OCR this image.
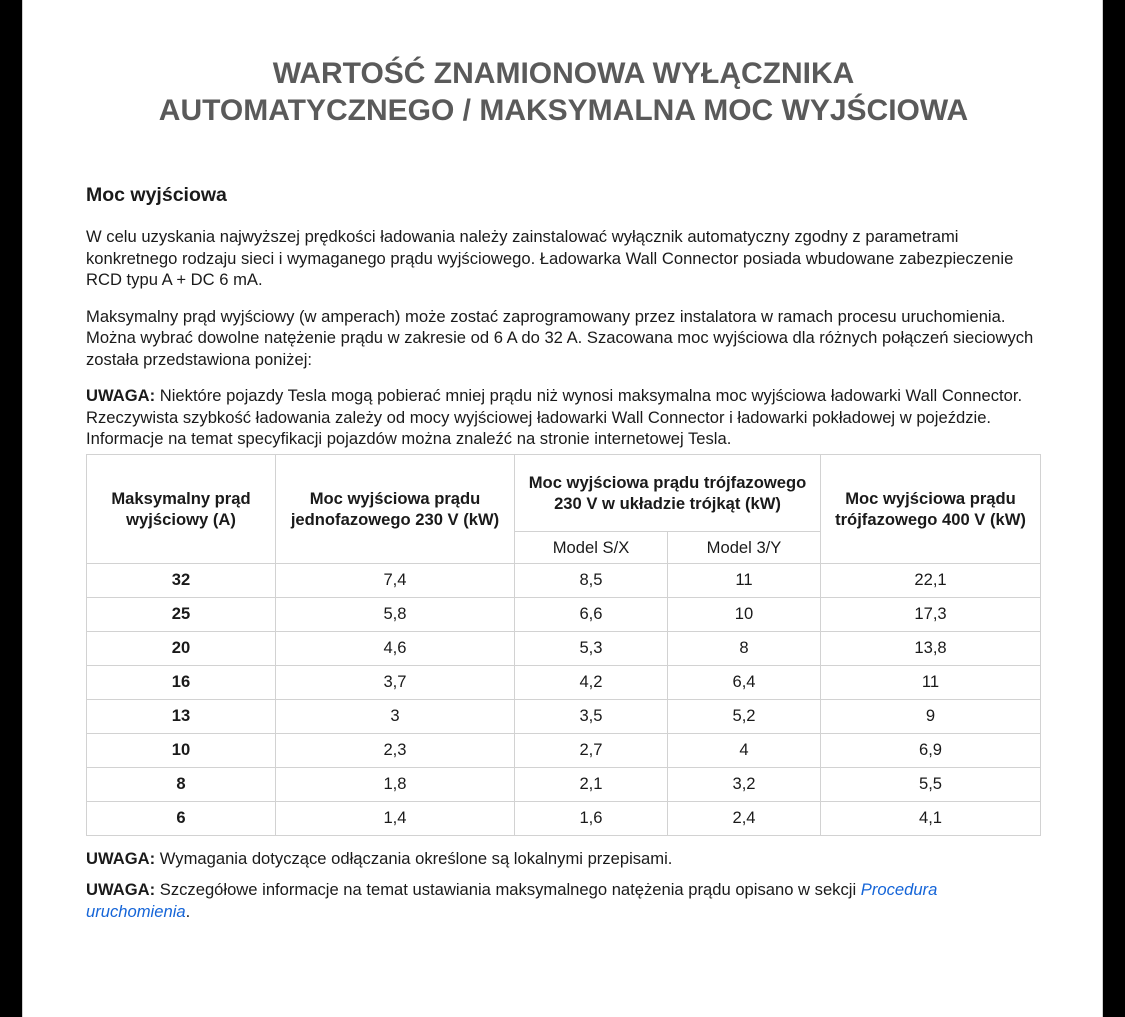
WARTOŚĆ ZNAMIONOWA WYŁĄCZNIKA
AUTOMATYCZNEGO / MAKSYMALNA MOC WYJŚCIOWA
Moc wyjściowa

W celu uzyskania najwyższej prędkości ładowania należy zainstalować wyłącznik automatyczny zgodny z parametrami konkretnego rodzaju sieci i wymaganego prądu wyjściowego. Ładowarka Wall Connector posiada wbudowane zabezpieczenie RCD typu A + DC 6 mA.

Maksymalny prąd wyjściowy (w amperach) może zostać zaprogramowany przez instalatora w ramach procesu uruchomienia. Można wybrać dowolne natężenie prądu w zakresie od 6 A do 32 A. Szacowana moc wyjściowa dla różnych połączeń sieciowych została przedstawiona poniżej:

UWAGA: Niektóre pojazdy Tesla mogą pobierać mniej prądu niż wynosi maksymalna moc wyjściowa ładowarki Wall Connector. Rzeczywista szybkość ładowania zależy od mocy wyjściowej ładowarki Wall Connector i ładowarki pokładowej w pojeździe. Informacje na temat specyfikacji pojazdów można znaleźć na stronie internetowej Tesla.

Maksymalny prąd wyjściowy (A)	Moc wyjściowa prądu jednofazowego 230 V (kW)	Moc wyjściowa prądu trójfazowego 230 V w układzie trójkąt (kW)		Moc wyjściowa prądu trójfazowego 400 V (kW)
		Model S/X	Model 3/Y	
32	7,4	8,5	11	22,1
25	5,8	6,6	10	17,3
20	4,6	5,3	8	13,8
16	3,7	4,2	6,4	11
13	3	3,5	5,2	9
10	2,3	2,7	4	6,9
8	1,8	2,1	3,2	5,5
6	1,4	1,6	2,4	4,1
UWAGA: Wymagania dotyczące odłączania określone są lokalnymi przepisami.
UWAGA: Szczegółowe informacje na temat ustawiania maksymalnego natężenia prądu opisano w sekcji Procedura uruchomienia.
